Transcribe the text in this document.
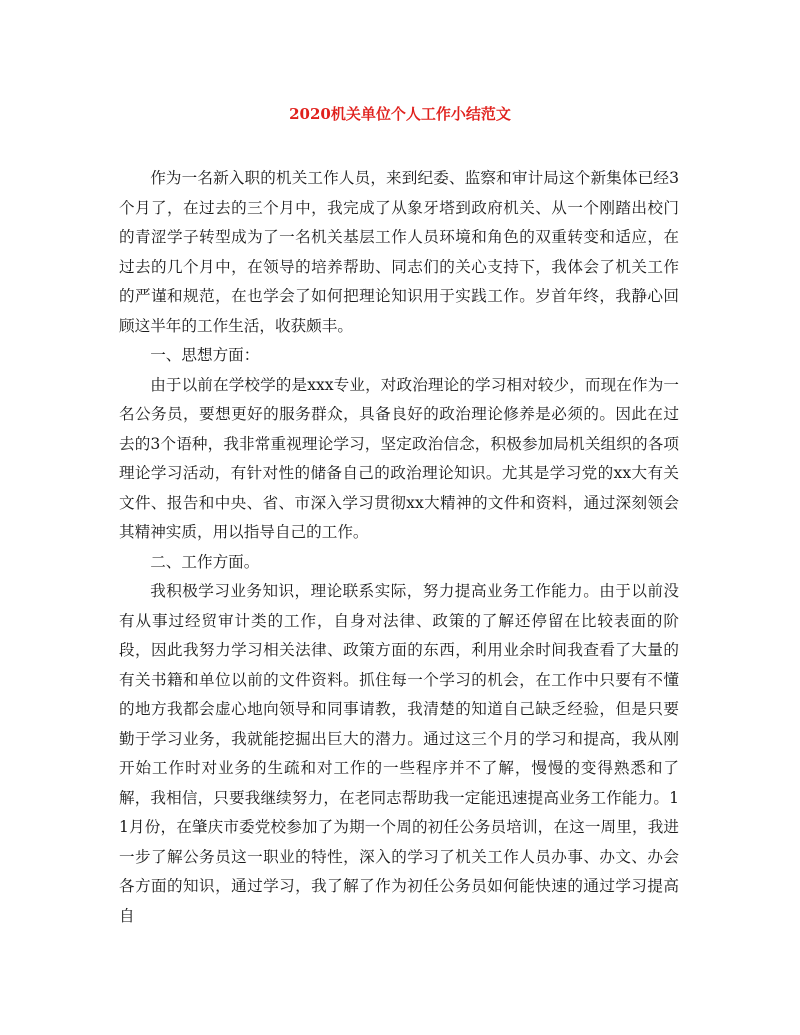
2020机关单位个人工作小结范文

作为一名新入职的机关工作人员，来到纪委、监察和审计局这个新集体已经3个月了，在过去的三个月中，我完成了从象牙塔到政府机关、从一个刚踏出校门的青涩学子转型成为了一名机关基层工作人员环境和角色的双重转变和适应，在过去的几个月中，在领导的培养帮助、同志们的关心支持下，我体会了机关工作的严谨和规范，在也学会了如何把理论知识用于实践工作。岁首年终，我静心回顾这半年的工作生活，收获颇丰。

一、思想方面：

由于以前在学校学的是xxx专业，对政治理论的学习相对较少，而现在作为一名公务员，要想更好的服务群众，具备良好的政治理论修养是必须的。因此在过去的3个语种，我非常重视理论学习，坚定政治信念，积极参加局机关组织的各项理论学习活动，有针对性的储备自己的政治理论知识。尤其是学习党的xx大有关文件、报告和中央、省、市深入学习贯彻xx大精神的文件和资料，通过深刻领会其精神实质，用以指导自己的工作。

二、工作方面。

我积极学习业务知识，理论联系实际，努力提高业务工作能力。由于以前没有从事过经贸审计类的工作，自身对法律、政策的了解还停留在比较表面的阶段，因此我努力学习相关法律、政策方面的东西，利用业余时间我查看了大量的有关书籍和单位以前的文件资料。抓住每一个学习的机会，在工作中只要有不懂的地方我都会虚心地向领导和同事请教，我清楚的知道自己缺乏经验，但是只要勤于学习业务，我就能挖掘出巨大的潜力。通过这三个月的学习和提高，我从刚开始工作时对业务的生疏和对工作的一些程序并不了解，慢慢的变得熟悉和了解，我相信，只要我继续努力，在老同志帮助我一定能迅速提高业务工作能力。11月份，在肇庆市委党校参加了为期一个周的初任公务员培训，在这一周里，我进一步了解公务员这一职业的特性，深入的学习了机关工作人员办事、办文、办会各方面的知识，通过学习，我了解了作为初任公务员如何能快速的通过学习提高自
